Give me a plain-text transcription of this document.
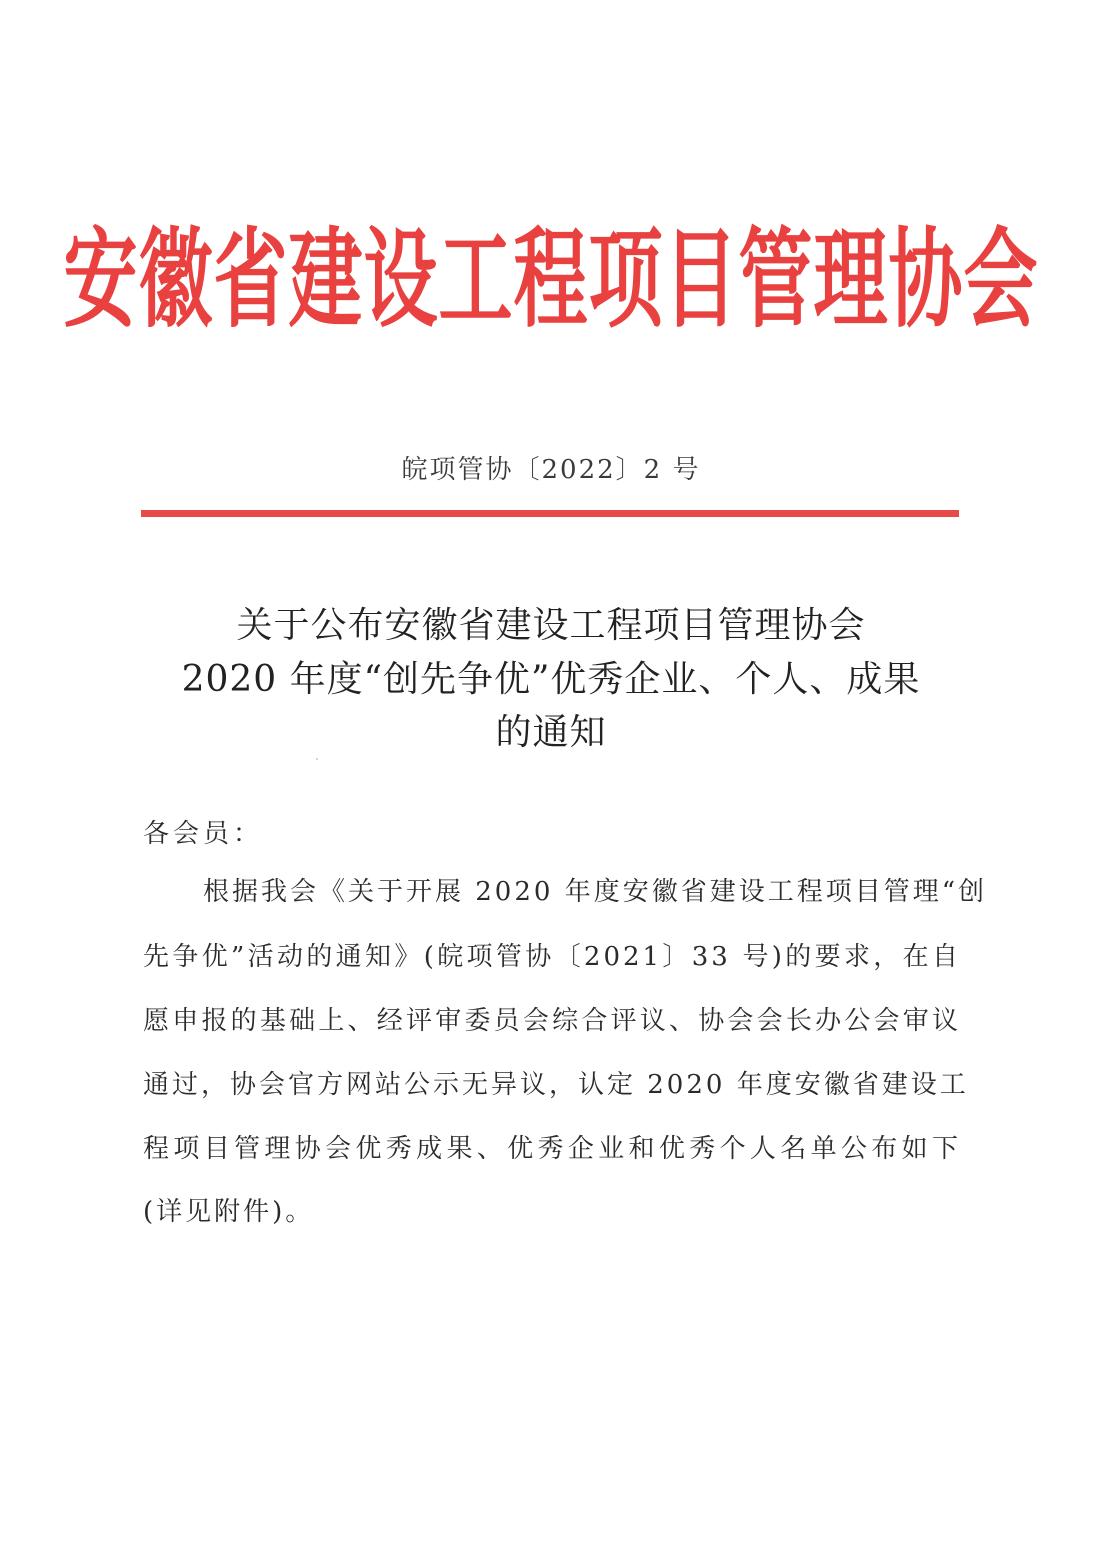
安徽省建设工程项目管理协会
皖项管协〔2022〕2 号
关于公布安徽省建设工程项目管理协会
2020 年度“创先争优”优秀企业、个人、成果
的通知
各会员：
根据我会《关于开展 2020 年度安徽省建设工程项目管理“创
先争优”活动的通知》(皖项管协〔2021〕33 号)的要求，在自
愿申报的基础上、经评审委员会综合评议、协会会长办公会审议
通过，协会官方网站公示无异议，认定 2020 年度安徽省建设工
程项目管理协会优秀成果、优秀企业和优秀个人名单公布如下
(详见附件)。
